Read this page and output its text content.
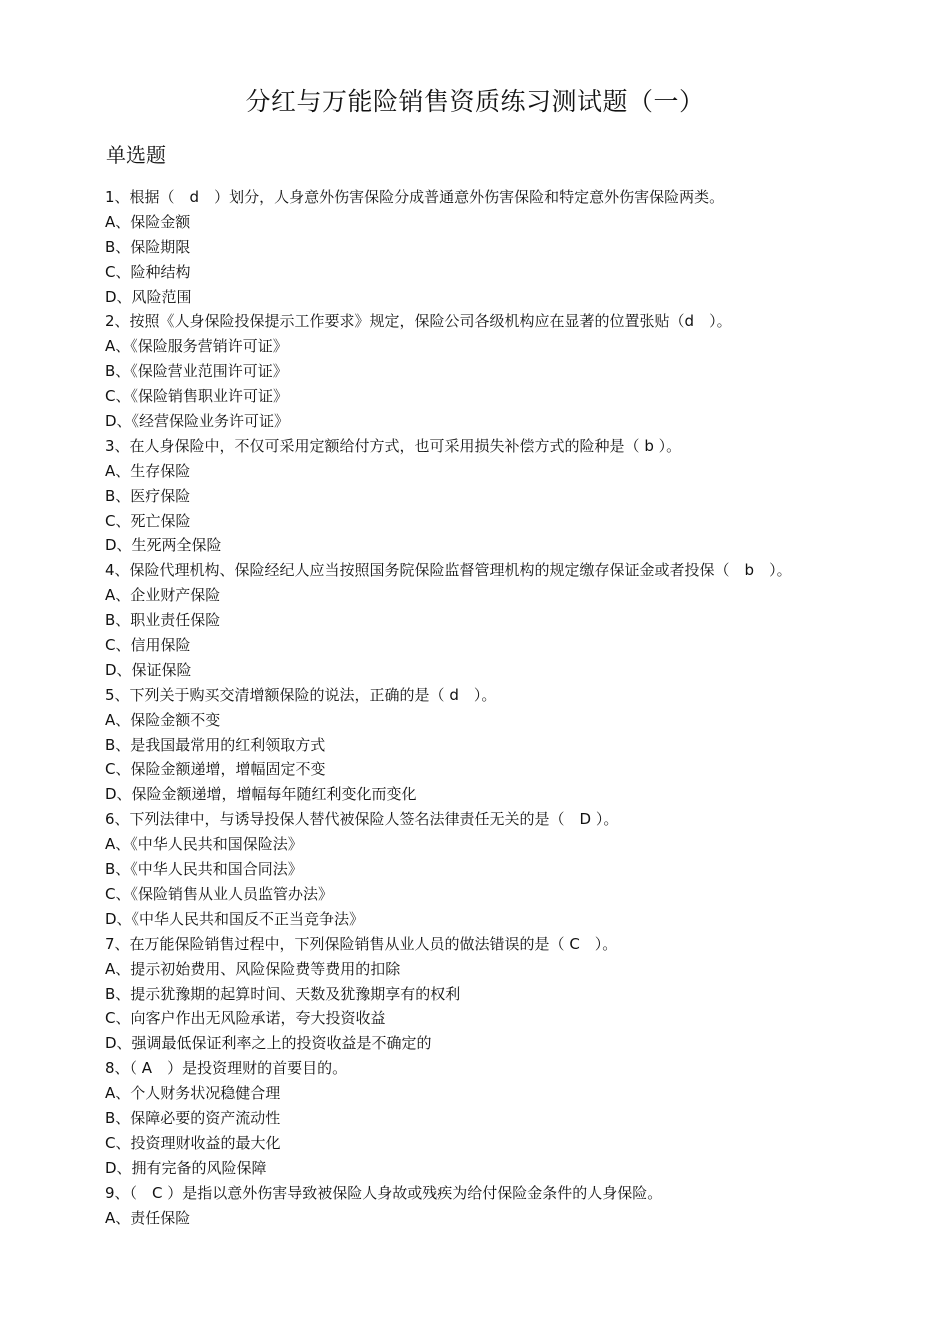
分红与万能险销售资质练习测试题（一）
单选题
1、根据（　d　）划分，人身意外伤害保险分成普通意外伤害保险和特定意外伤害保险两类。
A、保险金额
B、保险期限
C、险种结构
D、风险范围
2、按照《人身保险投保提示工作要求》规定，保险公司各级机构应在显著的位置张贴（d　）。
A、《保险服务营销许可证》
B、《保险营业范围许可证》
C、《保险销售职业许可证》
D、《经营保险业务许可证》
3、在人身保险中，不仅可采用定额给付方式，也可采用损失补偿方式的险种是（ b ）。
A、生存保险
B、医疗保险
C、死亡保险
D、生死两全保险
4、保险代理机构、保险经纪人应当按照国务院保险监督管理机构的规定缴存保证金或者投保（　b　）。
A、企业财产保险
B、职业责任保险
C、信用保险
D、保证保险
5、下列关于购买交清增额保险的说法，正确的是（ d　）。
A、保险金额不变
B、是我国最常用的红利领取方式
C、保险金额递增，增幅固定不变
D、保险金额递增，增幅每年随红利变化而变化
6、下列法律中，与诱导投保人替代被保险人签名法律责任无关的是（　D ）。
A、《中华人民共和国保险法》
B、《中华人民共和国合同法》
C、《保险销售从业人员监管办法》
D、《中华人民共和国反不正当竞争法》
7、在万能保险销售过程中，下列保险销售从业人员的做法错误的是（ C　）。
A、提示初始费用、风险保险费等费用的扣除
B、提示犹豫期的起算时间、天数及犹豫期享有的权利
C、向客户作出无风险承诺，夸大投资收益
D、强调最低保证利率之上的投资收益是不确定的
8、（ A　）是投资理财的首要目的。
A、个人财务状况稳健合理
B、保障必要的资产流动性
C、投资理财收益的最大化
D、拥有完备的风险保障
9、（　C ）是指以意外伤害导致被保险人身故或残疾为给付保险金条件的人身保险。
A、责任保险
